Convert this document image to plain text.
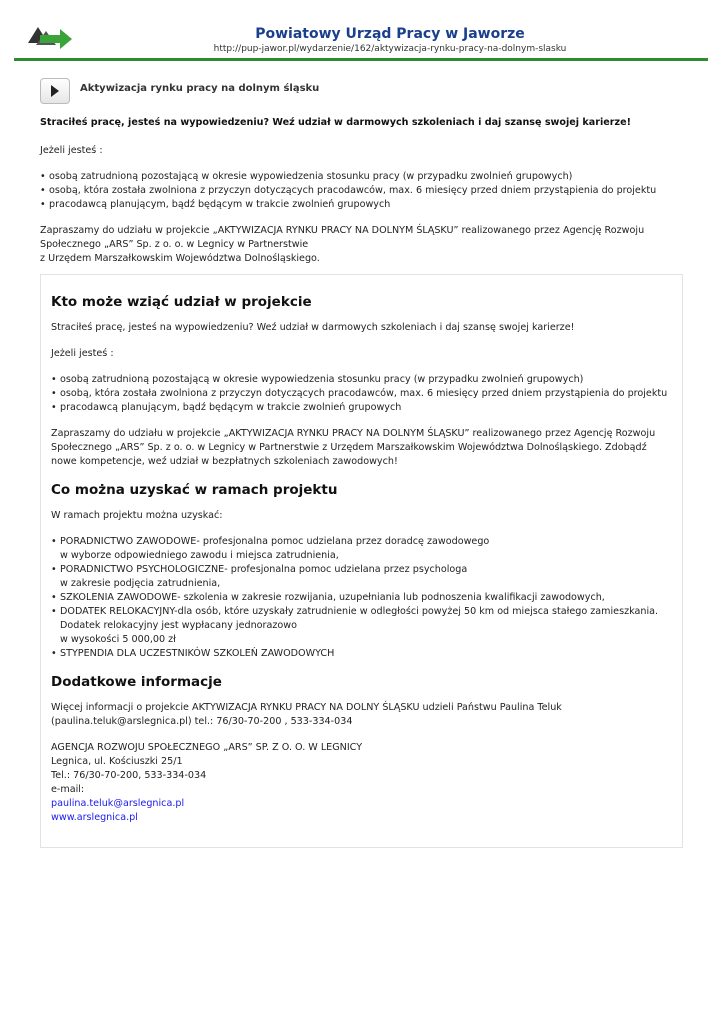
Powiatowy Urząd Pracy w Jaworze
http://pup-jawor.pl/wydarzenie/162/aktywizacja-rynku-pracy-na-dolnym-slasku
Aktywizacja rynku pracy na dolnym śląsku

Straciłeś pracę, jesteś na wypowiedzeniu? Weź udział w darmowych szkoleniach i daj szansę swojej karierze!

Jeżeli jesteś :

• osobą zatrudnioną pozostającą w okresie wypowiedzenia stosunku pracy (w przypadku zwolnień grupowych)
• osobą, która została zwolniona z przyczyn dotyczących pracodawców, max. 6 miesięcy przed dniem przystąpienia do projektu
• pracodawcą planującym, bądź będącym w trakcie zwolnień grupowych

Zapraszamy do udziału w projekcie „AKTYWIZACJA RYNKU PRACY NA DOLNYM ŚLĄSKU” realizowanego przez Agencję Rozwoju
Społecznego „ARS” Sp. z o. o. w Legnicy w Partnerstwie
z Urzędem Marszałkowskim Województwa Dolnośląskiego.

Kto może wziąć udział w projekcie

Straciłeś pracę, jesteś na wypowiedzeniu? Weź udział w darmowych szkoleniach i daj szansę swojej karierze!

Jeżeli jesteś :

• osobą zatrudnioną pozostającą w okresie wypowiedzenia stosunku pracy (w przypadku zwolnień grupowych)
• osobą, która została zwolniona z przyczyn dotyczących pracodawców, max. 6 miesięcy przed dniem przystąpienia do projektu
• pracodawcą planującym, bądź będącym w trakcie zwolnień grupowych

Zapraszamy do udziału w projekcie „AKTYWIZACJA RYNKU PRACY NA DOLNYM ŚLĄSKU” realizowanego przez Agencję Rozwoju Społecznego „ARS” Sp. z o. o. w Legnicy w Partnerstwie z Urzędem Marszałkowskim Województwa Dolnośląskiego. Zdobądź nowe kompetencje, weź udział w bezpłatnych szkoleniach zawodowych!

Co można uzyskać w ramach projektu

W ramach projektu można uzyskać:

• PORADNICTWO ZAWODOWE- profesjonalna pomoc udzielana przez doradcę zawodowego
w wyborze odpowiedniego zawodu i miejsca zatrudnienia,
• PORADNICTWO PSYCHOLOGICZNE- profesjonalna pomoc udzielana przez psychologa
w zakresie podjęcia zatrudnienia,
• SZKOLENIA ZAWODOWE- szkolenia w zakresie rozwijania, uzupełniania lub podnoszenia kwalifikacji zawodowych,
• DODATEK RELOKACYJNY-dla osób, które uzyskały zatrudnienie w odległości powyżej 50 km od miejsca stałego zamieszkania.
Dodatek relokacyjny jest wypłacany jednorazowo
w wysokości 5 000,00 zł
• STYPENDIA DLA UCZESTNIKÓW SZKOLEŃ ZAWODOWYCH
Dodatkowe informacje

Więcej informacji o projekcie AKTYWIZACJA RYNKU PRACY NA DOLNY ŚLĄSKU udzieli Państwu Paulina Teluk (paulina.teluk@arslegnica.pl) tel.: 76/30-70-200 , 533-334-034

AGENCJA ROZWOJU SPOŁECZNEGO „ARS” SP. Z O. O. W LEGNICY
Legnica, ul. Kościuszki 25/1
Tel.: 76/30-70-200, 533-334-034
e-mail:
paulina.teluk@arslegnica.pl
www.arslegnica.pl
